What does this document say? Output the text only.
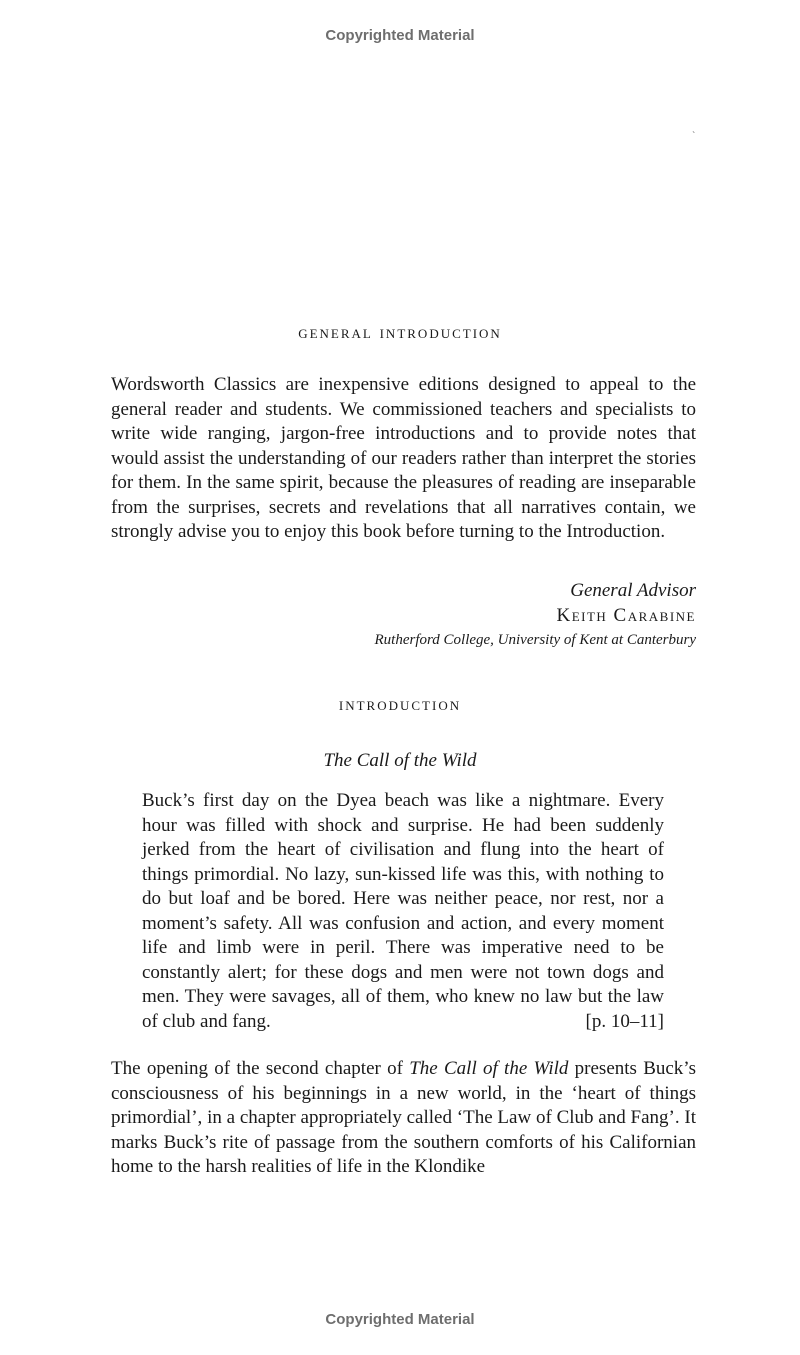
Copyrighted Material
˴
general introduction

Wordsworth Classics are inexpensive editions designed to appeal to the general reader and students. We commissioned teachers and specialists to write wide ranging, jargon-free introductions and to provide notes that would assist the understanding of our readers rather than interpret the stories for them. In the same spirit, because the pleasures of reading are inseparable from the surprises, secrets and revelations that all narratives contain, we strongly advise you to enjoy this book before turning to the Introduction.

General Advisor

Keith Carabine

Rutherford College, University of Kent at Canterbury

introduction
The Call of the Wild

Buck’s first day on the Dyea beach was like a nightmare. Every hour was filled with shock and surprise. He had been suddenly jerked from the heart of civilisation and flung into the heart of things primordial. No lazy, sun-kissed life was this, with nothing to do but loaf and be bored. Here was neither peace, nor rest, nor a moment’s safety. All was confusion and action, and every moment life and limb were in peril. There was imperative need to be constantly alert; for these dogs and men were not town dogs and men. They were savages, all of them, who knew no law but the law of club and fang.	[p. 10–11]

The opening of the second chapter of The Call of the Wild presents Buck’s consciousness of his beginnings in a new world, in the ‘heart of things primordial’, in a chapter appropriately called ‘The Law of Club and Fang’. It marks Buck’s rite of passage from the southern comforts of his Californian home to the harsh realities of life in the Klondike

Copyrighted Material
